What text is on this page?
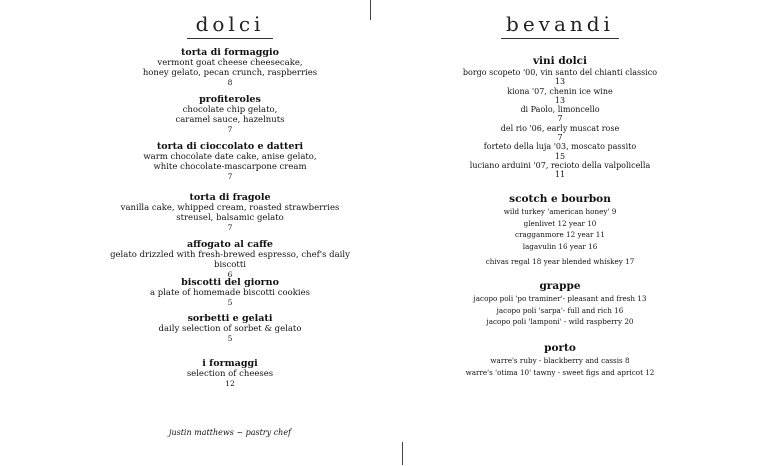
dolci
torta di formaggio
vermont goat cheese cheesecake,
honey gelato, pecan crunch, raspberries
8
profiteroles
chocolate chip gelato,
caramel sauce, hazelnuts
7
torta di cioccolato e datteri
warm chocolate date cake, anise gelato,
white chocolate-mascarpone cream
7
torta di fragole
vanilla cake, whipped cream, roasted strawberries
streusel, balsamic gelato
7
affogato al caffe
gelato drizzled with fresh-brewed espresso, chef's daily biscotti
6
biscotti del giorno
a plate of homemade biscotti cookies
5
sorbetti e gelati
daily selection of sorbet & gelato
5
i formaggi
selection of cheeses
12
justin matthews ~ pastry chef
bevandi
vini dolci
borgo scopeto '00, vin santo del chianti classico
13
kiona '07, chenin ice wine
13
di Paolo, limoncello
7
del rio '06, early muscat rose
7
forteto della luja '03, moscato passito
15
luciano arduini '07, recioto della valpolicella
11
scotch e bourbon
wild turkey 'american honey' 9
glenlivet 12 year 10
cragganmore 12 year 11
lagavulin 16 year 16
chivas regal 18 year blended whiskey 17
grappe
jacopo poli 'po traminer'- pleasant and fresh 13
jacopo poli 'sarpa'- full and rich 16
jacopo poli 'lamponi' - wild raspberry 20
porto
warre's ruby - blackberry and cassis 8
warre's 'otima 10' tawny - sweet figs and apricot 12
